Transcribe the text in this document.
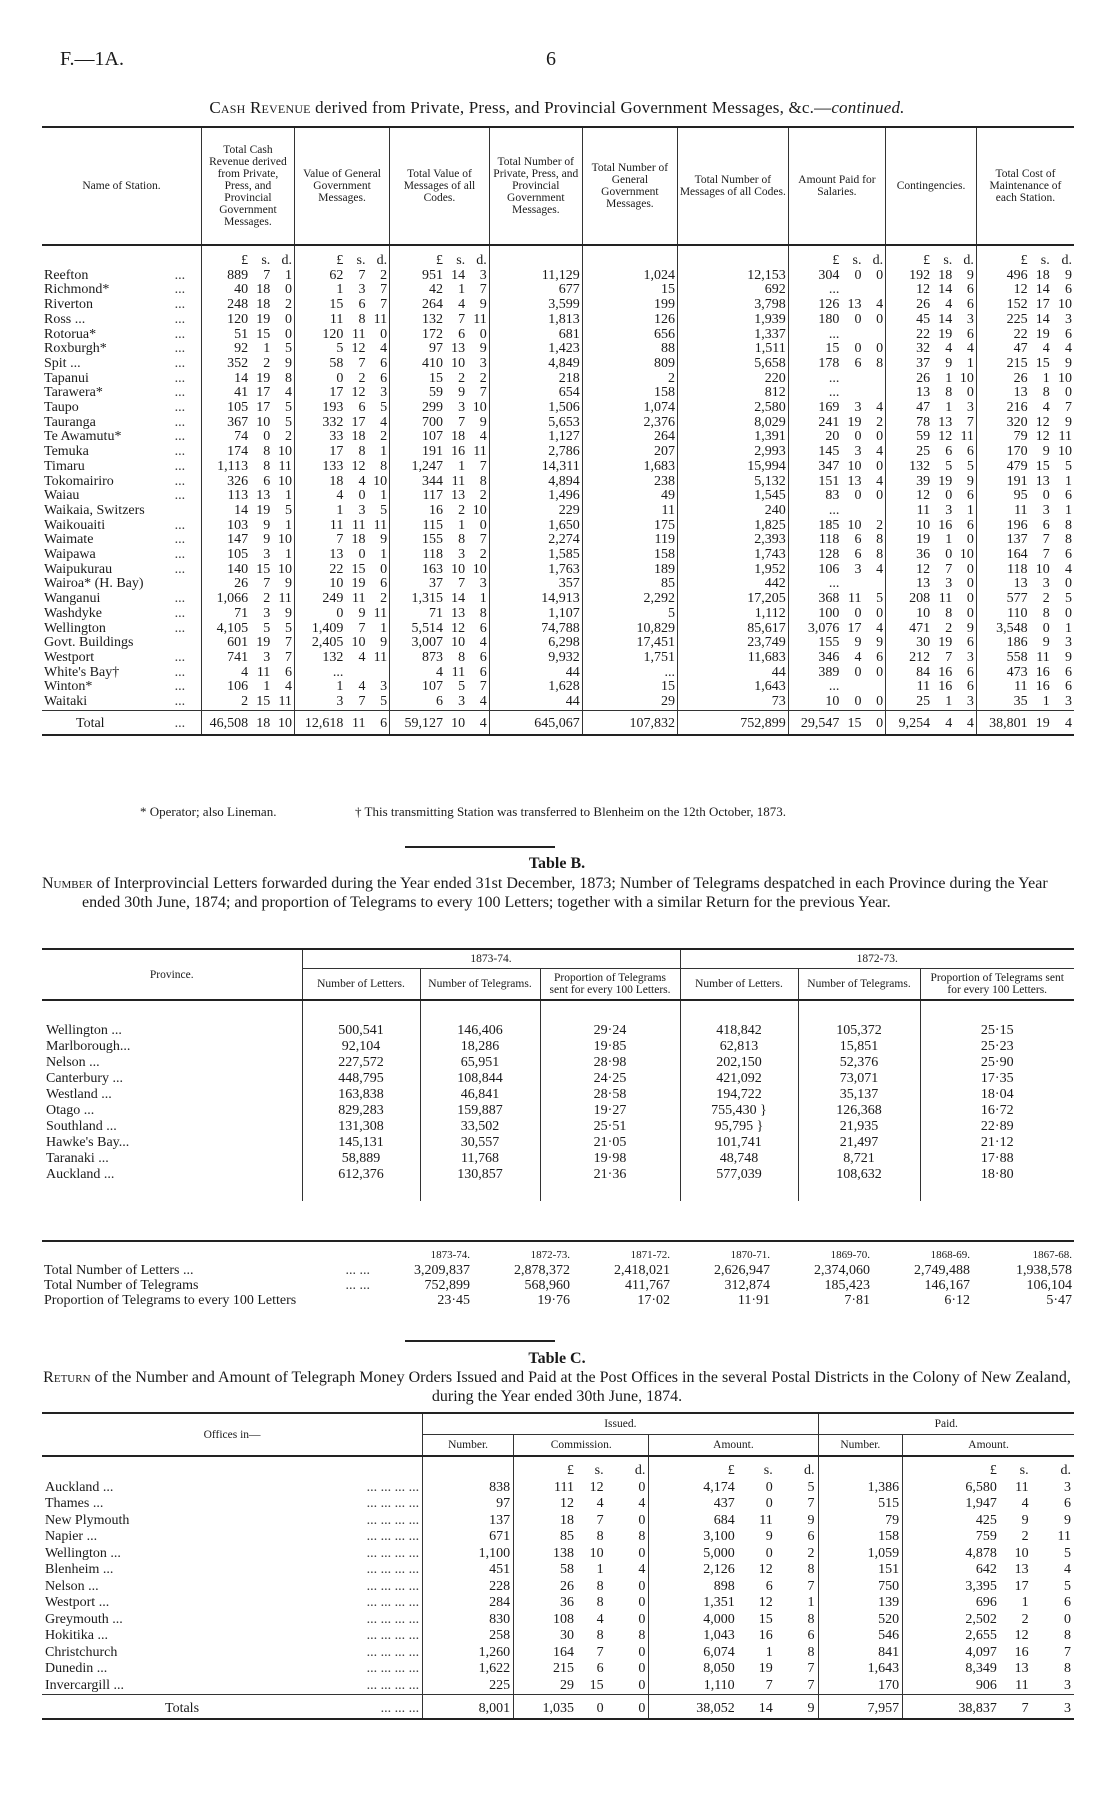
F.—1A.	6
Cash Revenue derived from Private, Press, and Provincial Government Messages, &c.—continued.
Name of Station.		Total Cash Revenue derived from Private, Press, and Provincial Government Messages.			Value of General Government Messages.			Total Value of Messages of all Codes.			Total Number of Private, Press, and Provincial Government Messages.	Total Number of General Government Messages.	Total Number of Messages of all Codes.	Amount Paid for Salaries.			Contingencies.			Total Cost of Maintenance of each Station.		
		£	s.	d.	£	s.	d.	£	s.	d.				£	s.	d.	£	s.	d.	£	s.	d.
Reefton	...	889	7	1	62	7	2	951	14	3	11,129	1,024	12,153	304	0	0	192	18	9	496	18	9
Richmond*	...	40	18	0	1	3	7	42	1	7	677	15	692	...			12	14	6	12	14	6
Riverton	...	248	18	2	15	6	7	264	4	9	3,599	199	3,798	126	13	4	26	4	6	152	17	10
Ross ...	...	120	19	0	11	8	11	132	7	11	1,813	126	1,939	180	0	0	45	14	3	225	14	3
Rotorua*	...	51	15	0	120	11	0	172	6	0	681	656	1,337	...			22	19	6	22	19	6
Roxburgh*	...	92	1	5	5	12	4	97	13	9	1,423	88	1,511	15	0	0	32	4	4	47	4	4
Spit ...	...	352	2	9	58	7	6	410	10	3	4,849	809	5,658	178	6	8	37	9	1	215	15	9
Tapanui	...	14	19	8	0	2	6	15	2	2	218	2	220	...			26	1	10	26	1	10
Tarawera*	...	41	17	4	17	12	3	59	9	7	654	158	812	...			13	8	0	13	8	0
Taupo	...	105	17	5	193	6	5	299	3	10	1,506	1,074	2,580	169	3	4	47	1	3	216	4	7
Tauranga	...	367	10	5	332	17	4	700	7	9	5,653	2,376	8,029	241	19	2	78	13	7	320	12	9
Te Awamutu*	...	74	0	2	33	18	2	107	18	4	1,127	264	1,391	20	0	0	59	12	11	79	12	11
Temuka	...	174	8	10	17	8	1	191	16	11	2,786	207	2,993	145	3	4	25	6	6	170	9	10
Timaru	...	1,113	8	11	133	12	8	1,247	1	7	14,311	1,683	15,994	347	10	0	132	5	5	479	15	5
Tokomairiro	...	326	6	10	18	4	10	344	11	8	4,894	238	5,132	151	13	4	39	19	9	191	13	1
Waiau	...	113	13	1	4	0	1	117	13	2	1,496	49	1,545	83	0	0	12	0	6	95	0	6
Waikaia, Switzers		14	19	5	1	3	5	16	2	10	229	11	240	...			11	3	1	11	3	1
Waikouaiti	...	103	9	1	11	11	11	115	1	0	1,650	175	1,825	185	10	2	10	16	6	196	6	8
Waimate	...	147	9	10	7	18	9	155	8	7	2,274	119	2,393	118	6	8	19	1	0	137	7	8
Waipawa	...	105	3	1	13	0	1	118	3	2	1,585	158	1,743	128	6	8	36	0	10	164	7	6
Waipukurau	...	140	15	10	22	15	0	163	10	10	1,763	189	1,952	106	3	4	12	7	0	118	10	4
Wairoa* (H. Bay)		26	7	9	10	19	6	37	7	3	357	85	442	...			13	3	0	13	3	0
Wanganui	...	1,066	2	11	249	11	2	1,315	14	1	14,913	2,292	17,205	368	11	5	208	11	0	577	2	5
Washdyke	...	71	3	9	0	9	11	71	13	8	1,107	5	1,112	100	0	0	10	8	0	110	8	0
Wellington	...	4,105	5	5	1,409	7	1	5,514	12	6	74,788	10,829	85,617	3,076	17	4	471	2	9	3,548	0	1
Govt. Buildings		601	19	7	2,405	10	9	3,007	10	4	6,298	17,451	23,749	155	9	9	30	19	6	186	9	3
Westport	...	741	3	7	132	4	11	873	8	6	9,932	1,751	11,683	346	4	6	212	7	3	558	11	9
White's Bay†	...	4	11	6	...			4	11	6	44	...	44	389	0	0	84	16	6	473	16	6
Winton*	...	106	1	4	1	4	3	107	5	7	1,628	15	1,643	...			11	16	6	11	16	6
Waitaki	...	2	15	11	3	7	5	6	3	4	44	29	73	10	0	0	25	1	3	35	1	3
Total	...	46,508	18	10	12,618	11	6	59,127	10	4	645,067	107,832	752,899	29,547	15	0	9,254	4	4	38,801	19	4
* Operator; also Lineman.	† This transmitting Station was transferred to Blenheim on the 12th October, 1873.
Table B.
Number of Interprovincial Letters forwarded during the Year ended 31st December, 1873; Number of Telegrams despatched in each Province during the Year ended 30th June, 1874; and proportion of Telegrams to every 100 Letters; together with a similar Return for the previous Year.
Province.	1873-74.			1872-73.		
	Number of Letters.	Number of Telegrams.	Proportion of Telegrams sent for every 100 Letters.	Number of Letters.	Number of Telegrams.	Proportion of Telegrams sent for every 100 Letters.
Wellington ...	500,541	146,406	29·24	418,842	105,372	25·15
Marlborough...	92,104	18,286	19·85	62,813	15,851	25·23
Nelson ...	227,572	65,951	28·98	202,150	52,376	25·90
Canterbury ...	448,795	108,844	24·25	421,092	73,071	17·35
Westland ...	163,838	46,841	28·58	194,722	35,137	18·04
Otago ...	829,283	159,887	19·27	755,430 }	126,368	16·72
Southland ...	131,308	33,502	25·51	95,795 }	21,935	22·89
Hawke's Bay...	145,131	30,557	21·05	101,741	21,497	21·12
Taranaki ...	58,889	11,768	19·98	48,748	8,721	17·88
Auckland ...	612,376	130,857	21·36	577,039	108,632	18·80
	1873-74.	1872-73.	1871-72.	1870-71.	1869-70.	1868-69.	1867-68.
Total Number of Letters ... ... ...	3,209,837	2,878,372	2,418,021	2,626,947	2,374,060	2,749,488	1,938,578
Total Number of Telegrams ... ...	752,899	568,960	411,767	312,874	185,423	146,167	106,104
Proportion of Telegrams to every 100 Letters	23·45	19·76	17·02	11·91	7·81	6·12	5·47
Table C.
Return of the Number and Amount of Telegraph Money Orders Issued and Paid at the Post Offices in the several Postal Districts in the Colony of New Zealand, during the Year ended 30th June, 1874.
Offices in—	Issued.							Paid.			
	Number.	Commission.			Amount.			Number.	Amount.		
		£	s.	d.	£	s.	d.		£	s.	d.
Auckland ... ... ... ... ...	838	111	12	0	4,174	0	5	1,386	6,580	11	3
Thames ... ... ... ... ...	97	12	4	4	437	0	7	515	1,947	4	6
New Plymouth ... ... ... ...	137	18	7	0	684	11	9	79	425	9	9
Napier ... ... ... ... ...	671	85	8	8	3,100	9	6	158	759	2	11
Wellington ... ... ... ... ...	1,100	138	10	0	5,000	0	2	1,059	4,878	10	5
Blenheim ... ... ... ... ...	451	58	1	4	2,126	12	8	151	642	13	4
Nelson ... ... ... ... ...	228	26	8	0	898	6	7	750	3,395	17	5
Westport ... ... ... ... ...	284	36	8	0	1,351	12	1	139	696	1	6
Greymouth ... ... ... ... ...	830	108	4	0	4,000	15	8	520	2,502	2	0
Hokitika ... ... ... ... ...	258	30	8	8	1,043	16	6	546	2,655	12	8
Christchurch ... ... ... ...	1,260	164	7	0	6,074	1	8	841	4,097	16	7
Dunedin ... ... ... ... ...	1,622	215	6	0	8,050	19	7	1,643	8,349	13	8
Invercargill ... ... ... ... ...	225	29	15	0	1,110	7	7	170	906	11	3
Totals ... ... ...	8,001	1,035	0	0	38,052	14	9	7,957	38,837	7	3
